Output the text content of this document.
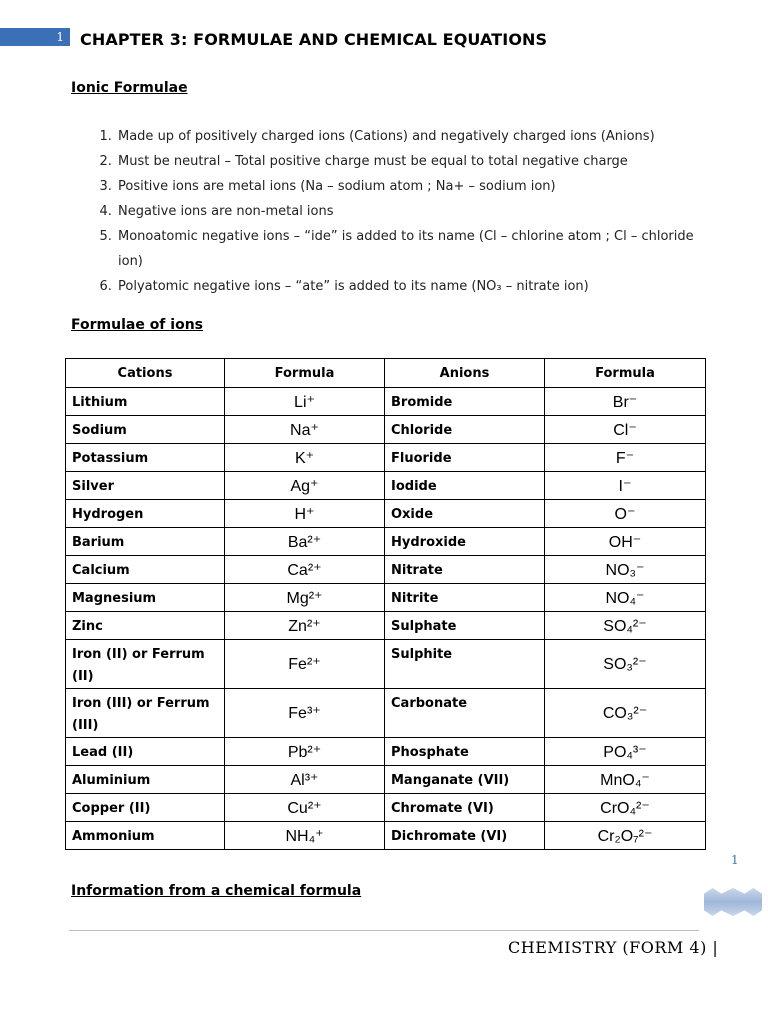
1	CHAPTER 3: FORMULAE AND CHEMICAL EQUATIONS
Ionic Formulae
1. Made up of positively charged ions (Cations) and negatively charged ions (Anions)
2. Must be neutral – Total positive charge must be equal to total negative charge
3. Positive ions are metal ions (Na – sodium atom ; Na+ – sodium ion)
4. Negative ions are non-metal ions
5. Monoatomic negative ions – “ide” is added to its name (Cl – chlorine atom ; Cl – chloride ion)
6. Polyatomic negative ions – “ate” is added to its name (NO₃ – nitrate ion)
Formulae of ions
Cations	Formula	Anions	Formula
Lithium	Li⁺	Bromide	Br⁻
Sodium	Na⁺	Chloride	Cl⁻
Potassium	K⁺	Fluoride	F⁻
Silver	Ag⁺	Iodide	I⁻
Hydrogen	H⁺	Oxide	O⁻
Barium	Ba²⁺	Hydroxide	OH⁻
Calcium	Ca²⁺	Nitrate	NO₃⁻
Magnesium	Mg²⁺	Nitrite	NO₄⁻
Zinc	Zn²⁺	Sulphate	SO₄²⁻
Iron (II) or Ferrum (II)	Fe²⁺	Sulphite	SO₃²⁻
Iron (III) or Ferrum (III)	Fe³⁺	Carbonate	CO₃²⁻
Lead (II)	Pb²⁺	Phosphate	PO₄³⁻
Aluminium	Al³⁺	Manganate (VII)	MnO₄⁻
Copper (II)	Cu²⁺	Chromate (VI)	CrO₄²⁻
Ammonium	NH₄⁺	Dichromate (VI)	Cr₂O₇²⁻
Information from a chemical formula
1
CHEMISTRY (FORM 4) |
